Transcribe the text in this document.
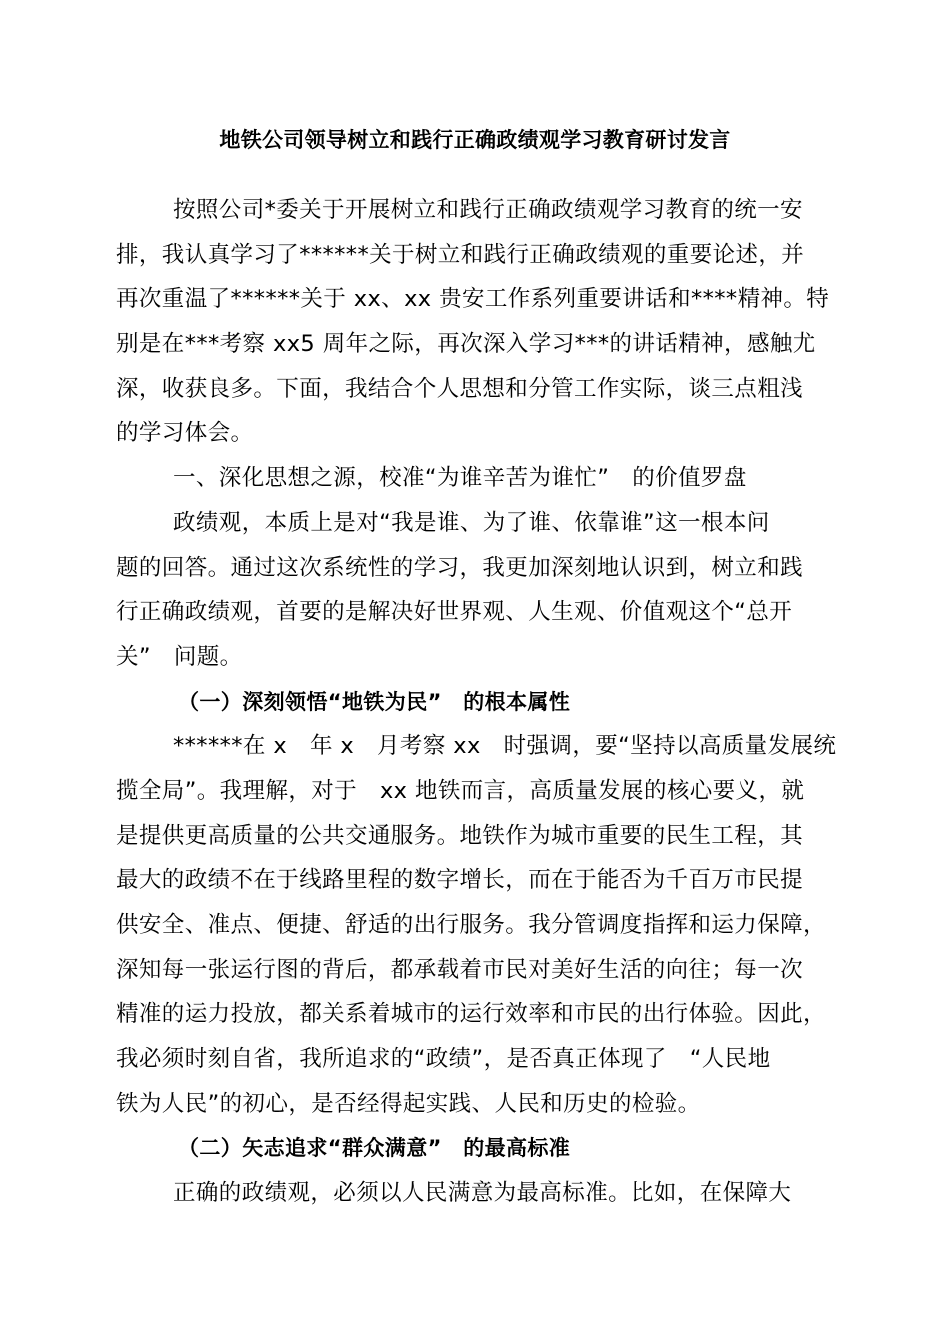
地铁公司领导树立和践行正确政绩观学习教育研讨发言
按照公司*委关于开展树立和践行正确政绩观学习教育的统一安
排，我认真学习了******关于树立和践行正确政绩观的重要论述，并
再次重温了******关于 xx、xx 贵安工作系列重要讲话和****精神。特
别是在***考察 xx5 周年之际，再次深入学习***的讲话精神，感触尤
深，收获良多。下面，我结合个人思想和分管工作实际，谈三点粗浅
的学习体会。
一、深化思想之源，校准“为谁辛苦为谁忙”　的价值罗盘
政绩观，本质上是对“我是谁、为了谁、依靠谁”这一根本问
题的回答。通过这次系统性的学习，我更加深刻地认识到，树立和践
行正确政绩观，首要的是解决好世界观、人生观、价值观这个“总开
关”　问题。
（一）深刻领悟“地铁为民”　的根本属性
******在 x　年 x　月考察 xx　时强调，要“坚持以高质量发展统
揽全局”。我理解，对于　xx 地铁而言，高质量发展的核心要义，就
是提供更高质量的公共交通服务。地铁作为城市重要的民生工程，其
最大的政绩不在于线路里程的数字增长，而在于能否为千百万市民提
供安全、准点、便捷、舒适的出行服务。我分管调度指挥和运力保障，
深知每一张运行图的背后，都承载着市民对美好生活的向往；每一次
精准的运力投放，都关系着城市的运行效率和市民的出行体验。因此，
我必须时刻自省，我所追求的“政绩”，是否真正体现了　“人民地
铁为人民”的初心，是否经得起实践、人民和历史的检验。
（二）矢志追求“群众满意”　的最高标准
正确的政绩观，必须以人民满意为最高标准。比如，在保障大
